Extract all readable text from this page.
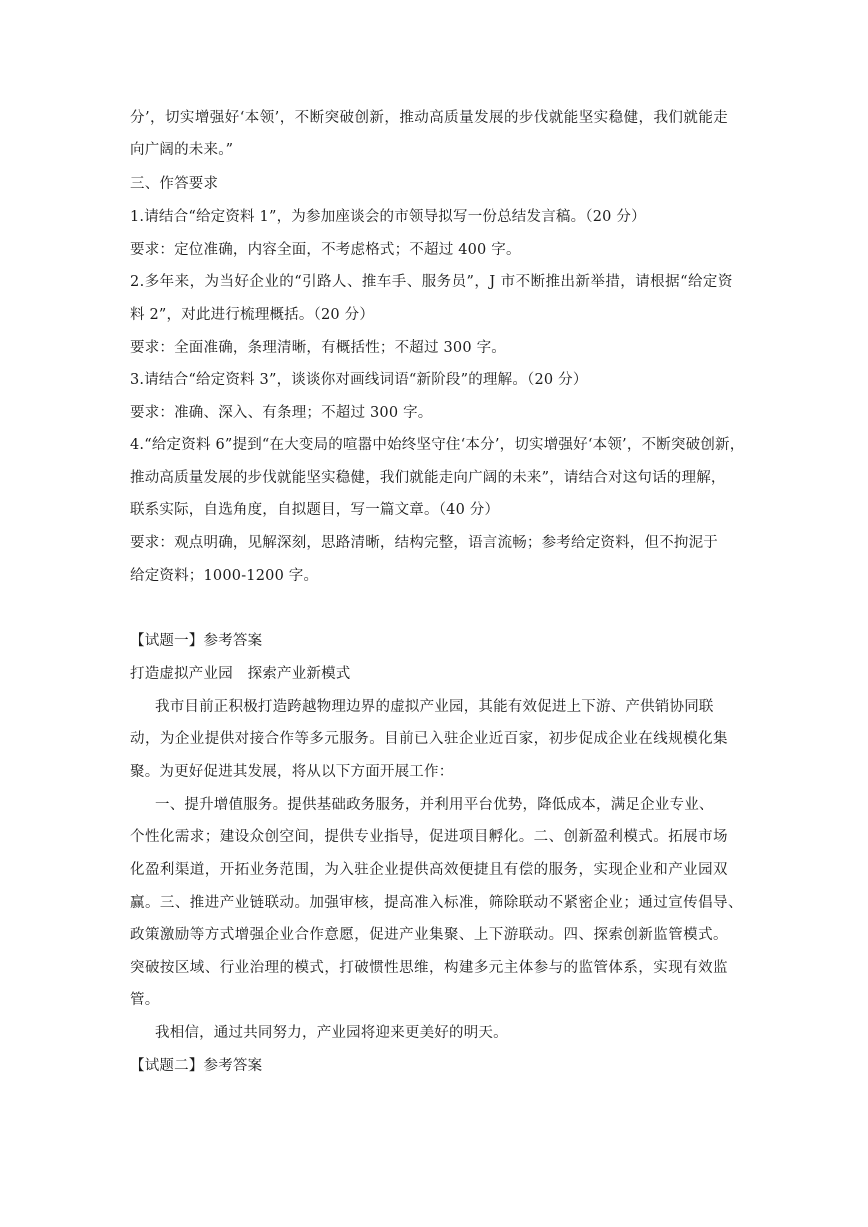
分’，切实增强好‘本领’，不断突破创新，推动高质量发展的步伐就能坚实稳健，我们就能走
向广阔的未来。”
三、作答要求
1.请结合“给定资料 1”，为参加座谈会的市领导拟写一份总结发言稿。（20 分）
要求：定位准确，内容全面，不考虑格式；不超过 400 字。
2.多年来，为当好企业的“引路人、推车手、服务员”，J 市不断推出新举措，请根据“给定资
料 2”，对此进行梳理概括。（20 分）
要求：全面准确，条理清晰，有概括性；不超过 300 字。
3.请结合“给定资料 3”，谈谈你对画线词语“新阶段”的理解。（20 分）
要求：准确、深入、有条理；不超过 300 字。
4.“给定资料 6”提到“在大变局的喧嚣中始终坚守住‘本分’，切实增强好‘本领’，不断突破创新，
推动高质量发展的步伐就能坚实稳健，我们就能走向广阔的未来”，请结合对这句话的理解，
联系实际，自选角度，自拟题目，写一篇文章。（40 分）
要求：观点明确，见解深刻，思路清晰，结构完整，语言流畅；参考给定资料，但不拘泥于
给定资料；1000-1200 字。
【试题一】参考答案
打造虚拟产业园　探索产业新模式
我市目前正积极打造跨越物理边界的虚拟产业园，其能有效促进上下游、产供销协同联
动，为企业提供对接合作等多元服务。目前已入驻企业近百家，初步促成企业在线规模化集
聚。为更好促进其发展，将从以下方面开展工作：
一、提升增值服务。提供基础政务服务，并利用平台优势，降低成本，满足企业专业、
个性化需求；建设众创空间，提供专业指导，促进项目孵化。二、创新盈利模式。拓展市场
化盈利渠道，开拓业务范围，为入驻企业提供高效便捷且有偿的服务，实现企业和产业园双
赢。三、推进产业链联动。加强审核，提高准入标准，筛除联动不紧密企业；通过宣传倡导、
政策激励等方式增强企业合作意愿，促进产业集聚、上下游联动。四、探索创新监管模式。
突破按区域、行业治理的模式，打破惯性思维，构建多元主体参与的监管体系，实现有效监
管。
我相信，通过共同努力，产业园将迎来更美好的明天。
【试题二】参考答案
